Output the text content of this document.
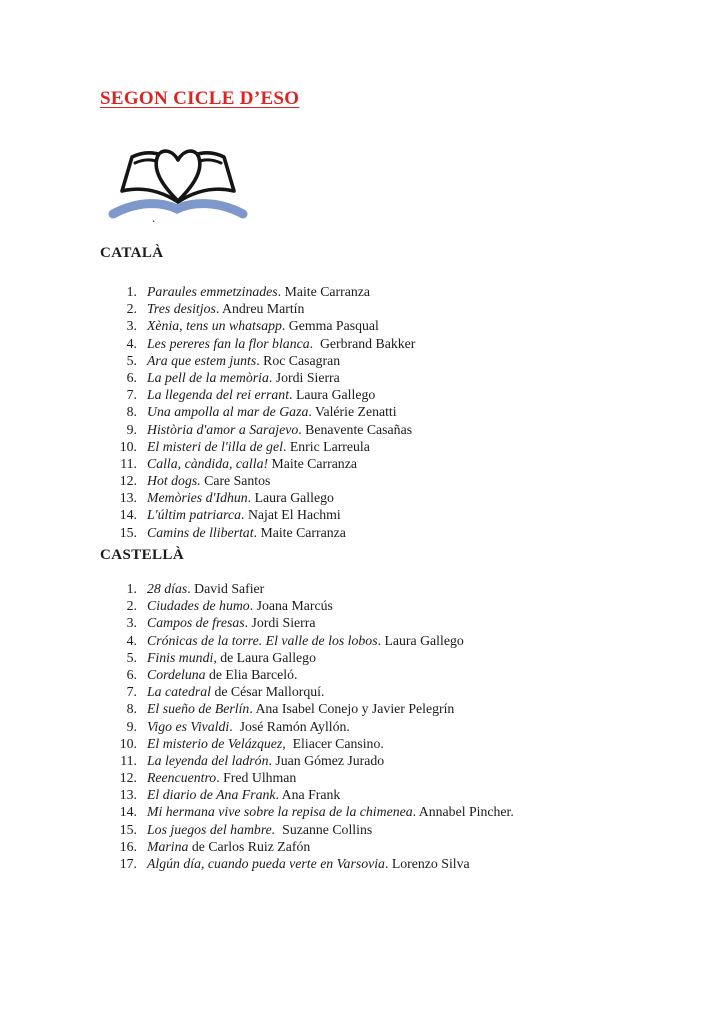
SEGON CICLE D’ESO
.
CATALÀ
1. Paraules emmetzinades . Maite Carranza
2. Tres desitjos . Andreu Martín
3. Xènia, tens un whatsapp . Gemma Pasqual
4. Les pereres fan la flor blanca .  Gerbrand Bakker
5. Ara que estem junts . Roc Casagran
6. La pell de la memòria . Jordi Sierra
7. La llegenda del rei errant . Laura Gallego
8. Una ampolla al mar de Gaza . Valérie Zenatti
9. Història d'amor a Sarajevo . Benavente Casañas
10. El misteri de l'illa de gel . Enric Larreula
11. Calla, càndida, calla! Maite Carranza
12. Hot dogs. Care Santos
13. Memòries d'Idhun . Laura Gallego
14. L'últim patriarca . Najat El Hachmi
15. Camins de llibertat . Maite Carranza
CASTELLÀ
1. 28 días . David Safier
2. Ciudades de humo . Joana Marcús
3. Campos de fresas . Jordi Sierra
4. Crónicas de la torre. El valle de los lobos . Laura Gallego
5. Finis mundi , de Laura Gallego
6. Cordeluna de Elia Barceló.
7. La catedral de César Mallorquí.
8. El sueño de Berlín . Ana Isabel Conejo y Javier Pelegrín
9. Vigo es Vivaldi .  José Ramón Ayllón.
10. El misterio de Velázquez, Eliacer Cansino.
11. La leyenda del ladrón . Juan Gómez Jurado
12. Reencuentro . Fred Ulhman
13. El diario de Ana Frank . Ana Frank
14. Mi hermana vive sobre la repisa de la chimenea . Annabel Pincher.
15. Los juegos del hambre. Suzanne Collins
16. Marina de Carlos Ruiz Zafón
17. Algún día, cuando pueda verte en Varsovia . Lorenzo Silva
